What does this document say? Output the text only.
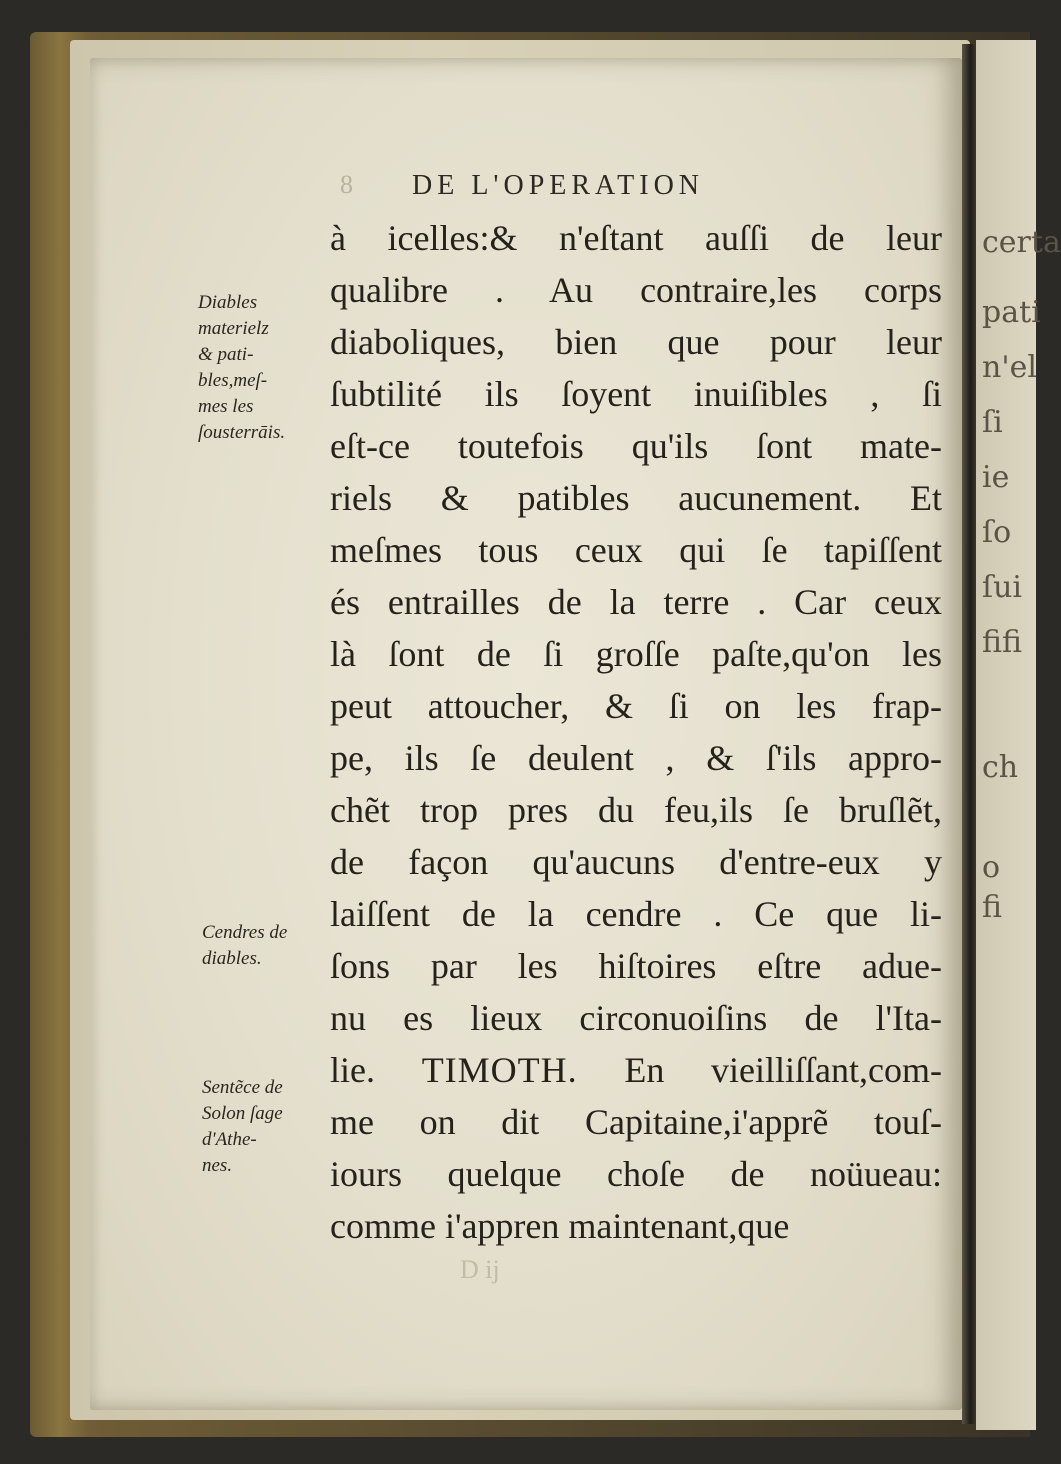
certa
pati
n'el
ſi
ie
ſo
ſui
fifi
ch
o
fi
8 DE L'OPERATION
à icelles:& n'eſtant auſſi de leur
qualibre . Au contraire,les corps
diaboliques, bien que pour leur
ſubtilité ils ſoyent inuiſibles , ſi
eſt-ce toutefois qu'ils ſont mate-
riels & patibles aucunement. Et
meſmes tous ceux qui ſe tapiſſent
és entrailles de la terre . Car ceux
là ſont de ſi groſſe paſte,qu'on les
peut attoucher, & ſi on les frap-
pe, ils ſe deulent , & ſ'ils appro-
chẽt trop pres du feu,ils ſe bruſlẽt,
de façon qu'aucuns d'entre-eux y
laiſſent de la cendre . Ce que li-
ſons par les hiſtoires eſtre adue-
nu es lieux circonuoiſins de l'Ita-
lie. TIMOTH. En vieilliſſant,com-
me on dit Capitaine,i'apprẽ touſ-
iours quelque choſe de noüueau:
comme i'appren maintenant,que
Diables
materielz
& pati-
bles,meſ-
mes les
ſousterrāis.
Cendres de
diables.
Sentẽce de
Solon ſage
d'Athe-
nes.
D ij
